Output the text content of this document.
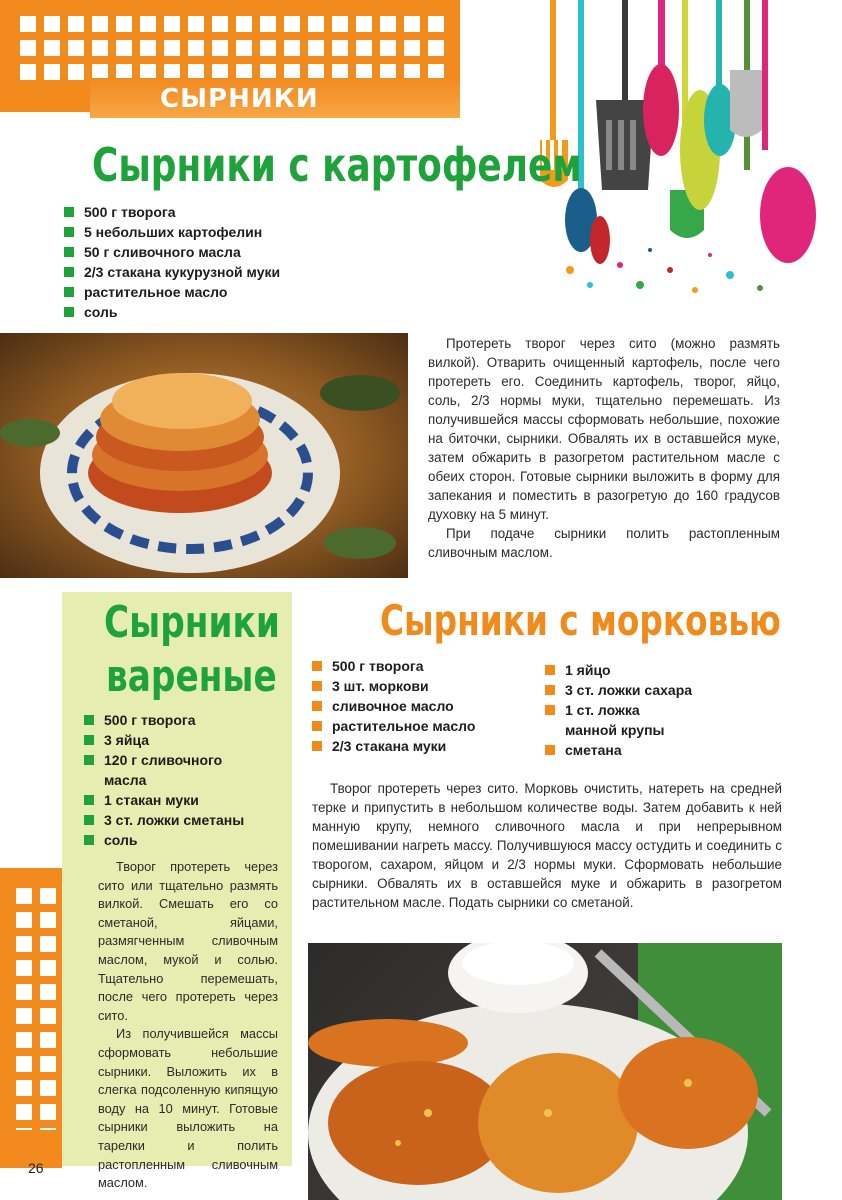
СЫРНИКИ
Сырники с картофелем
500 г творога
5 небольших картофелин
50 г сливочного масла
2/3 стакана кукурузной муки
растительное масло
соль

Протереть творог через сито (можно размять вилкой). Отварить очищенный картофель, после чего протереть его. Соединить картофель, творог, яйцо, соль, 2/3 нормы муки, тщательно перемешать. Из получившейся массы сформовать небольшие, похожие на биточки, сырники. Обвалять их в оставшейся муке, затем обжарить в разогретом растительном масле с обеих сторон. Готовые сырники выложить в форму для запекания и поместить в разогретую до 160 градусов духовку на 5 минут.

При подаче сырники полить растопленным сливочным маслом.

Сырники
вареные
500 г творога
3 яйца
120 г сливочного масла
1 стакан муки
3 ст. ложки сметаны
соль

Творог протереть через сито или тщательно размять вилкой. Смешать его со сметаной, яйцами, размягченным сливочным маслом, мукой и солью. Тщательно перемешать, после чего протереть через сито.

Из получившейся массы сформовать небольшие сырники. Выложить их в слегка подсоленную кипящую воду на 10 минут. Готовые сырники выложить на тарелки и полить растопленным сливочным маслом.

26
Сырники с морковью
500 г творога
3 шт. моркови
сливочное масло
растительное масло
2/3 стакана муки
1 яйцо
3 ст. ложки сахара
1 ст. ложка манной крупы
сметана

Творог протереть через сито. Морковь очистить, натереть на средней терке и припустить в небольшом количестве воды. Затем добавить к ней манную крупу, немного сливочного масла и при непрерывном помешивании нагреть массу. Получившуюся массу остудить и соединить с творогом, сахаром, яйцом и 2/3 нормы муки. Сформовать небольшие сырники. Обвалять их в оставшейся муке и обжарить в разогретом растительном масле. Подать сырники со сметаной.
